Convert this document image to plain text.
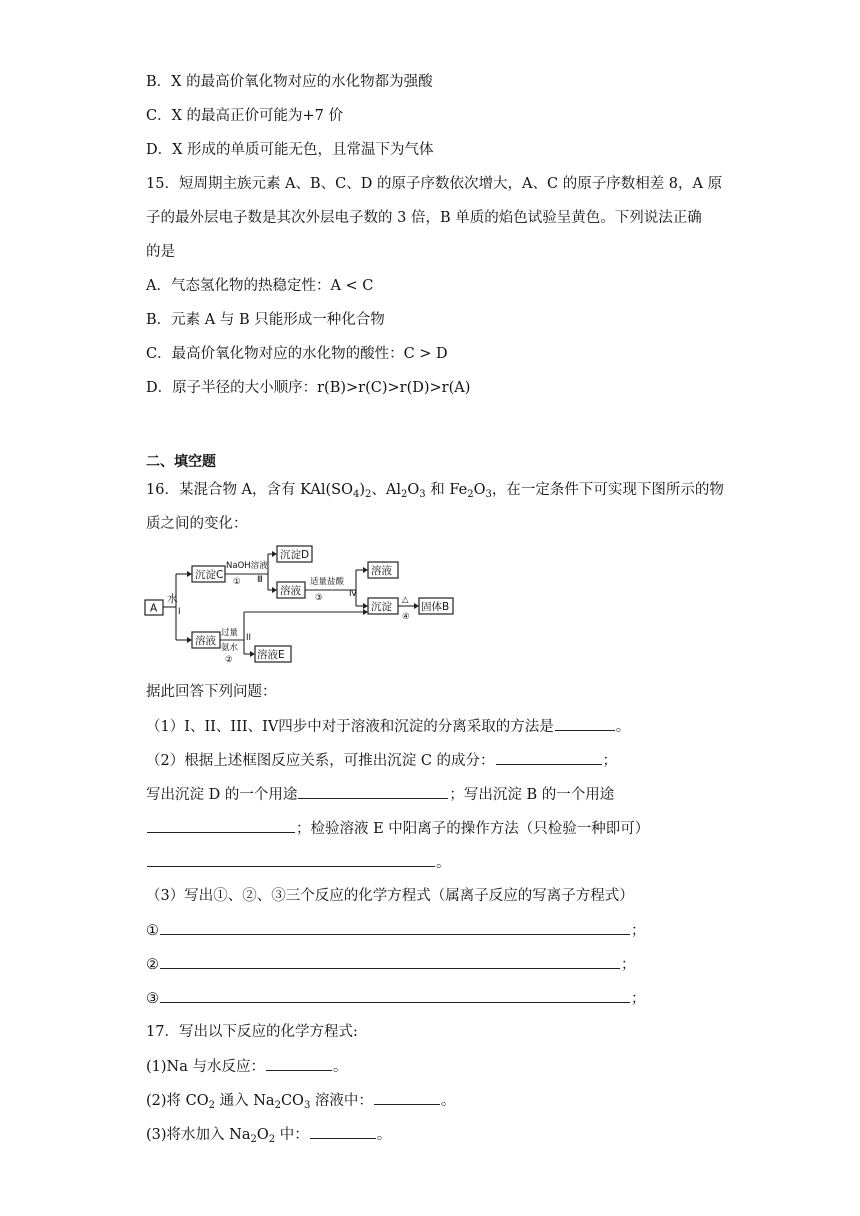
B．X 的最高价氧化物对应的水化物都为强酸
C．X 的最高正价可能为+7 价
D．X 形成的单质可能无色，且常温下为气体
15．短周期主族元素 A、B、C、D 的原子序数依次增大，A、C 的原子序数相差 8，A 原
子的最外层电子数是其次外层电子数的 3 倍，B 单质的焰色试验呈黄色。下列说法正确
的是
A．气态氢化物的热稳定性：A < C
B．元素 A 与 B 只能形成一种化合物
C．最高价氧化物对应的水化物的酸性：C > D
D．原子半径的大小顺序：r(B)>r(C)>r(D)>r(A)
二、填空题
16．某混合物 A，含有 $KAl(SO_4)_2$、$Al_2O_3$ 和 $Fe_2O_3$，在一定条件下可实现下图所示的物
质之间的变化：
A
水
I
沉淀C
NaOH溶液
① Ⅲ
沉淀D
溶液
适量盐酸
③	Ⅳ
溶液
沉淀
△
④
固体B
溶液
过量
氨水
②
II
溶液E
据此回答下列问题：
（1）I、II、III、IV四步中对于溶液和沉淀的分离采取的方法是	。
（2）根据上述框图反应关系，可推出沉淀 C 的成分：	；
写出沉淀 D 的一个用途	；写出沉淀 B 的一个用途
；检验溶液 E 中阳离子的操作方法（只检验一种即可）
。
（3）写出①、②、③三个反应的化学方程式（属离子反应的写离子方程式）
①	；
②	；
③	；
17．写出以下反应的化学方程式:
(1)Na 与水反应：	。
(2)将 $CO_2$ 通入 $Na_2CO_3$ 溶液中：	。
(3)将水加入 $Na_2O_2$ 中：	。
